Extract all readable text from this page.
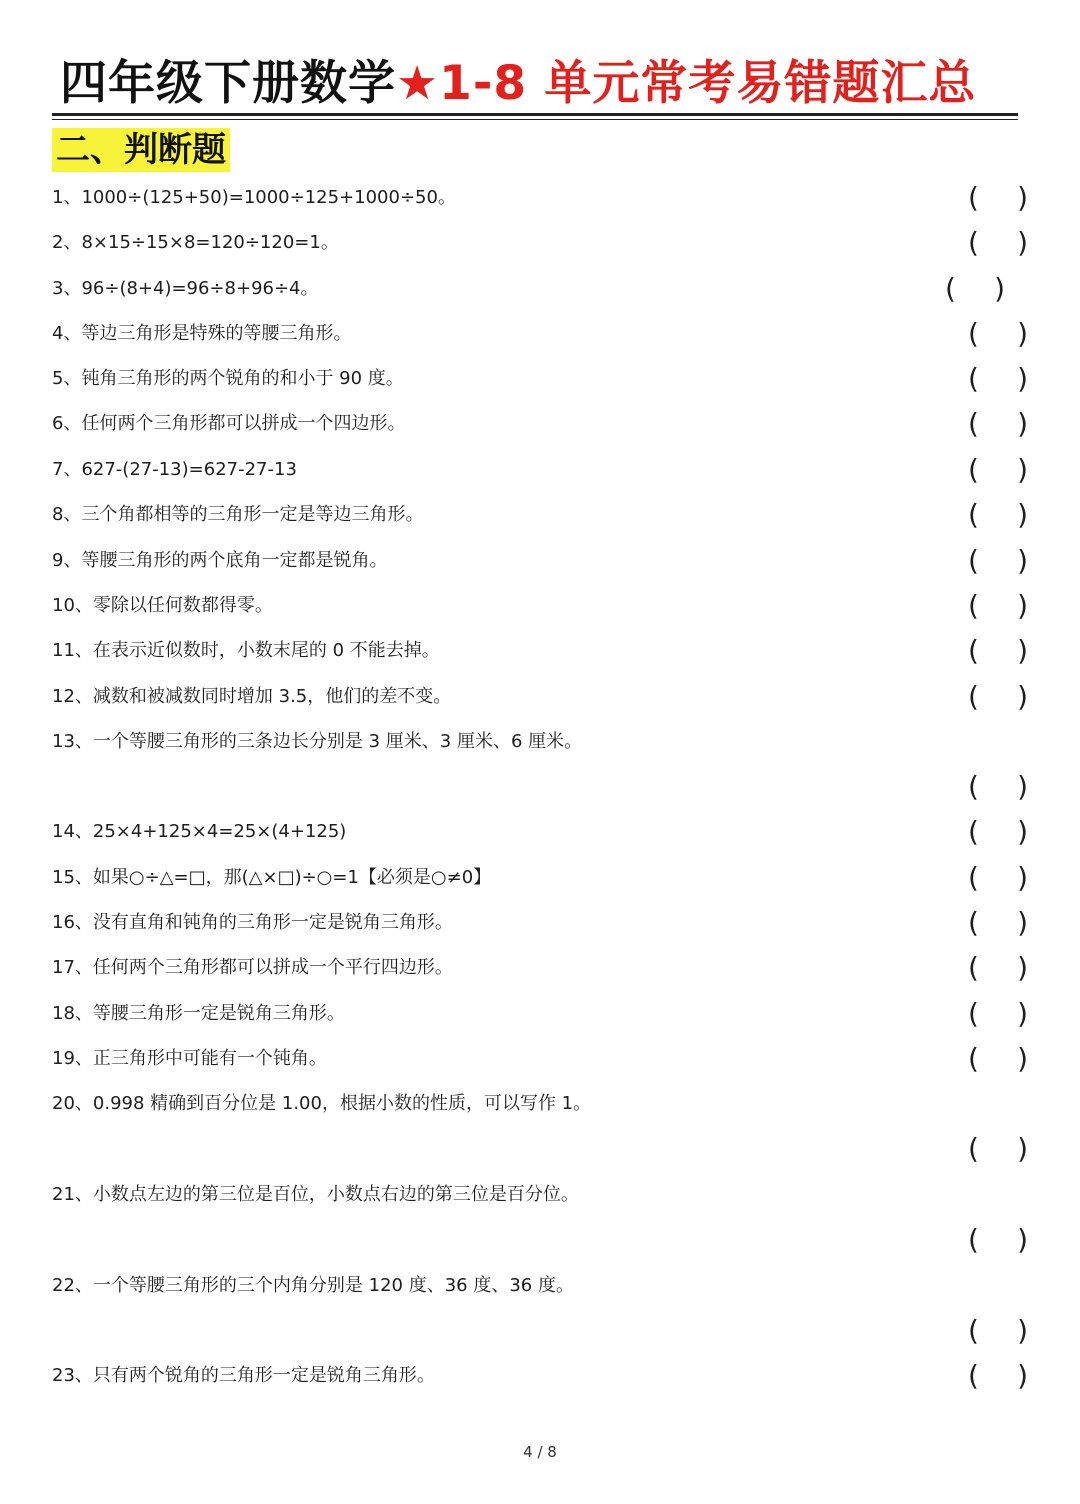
四年级下册数学★1-8 单元常考易错题汇总
二、判断题
1、1000÷(125+50)=1000÷125+1000÷50。	( )
2、8×15÷15×8=120÷120=1。	( )
3、96÷(8+4)=96÷8+96÷4。	( )
4、等边三角形是特殊的等腰三角形。	( )
5、钝角三角形的两个锐角的和小于 90 度。	( )
6、任何两个三角形都可以拼成一个四边形。	( )
7、627-(27-13)=627-27-13	( )
8、三个角都相等的三角形一定是等边三角形。	( )
9、等腰三角形的两个底角一定都是锐角。	( )
10、零除以任何数都得零。	( )
11、在表示近似数时，小数末尾的 0 不能去掉。	( )
12、减数和被减数同时增加 3.5，他们的差不变。	( )
13、一个等腰三角形的三条边长分别是 3 厘米、3 厘米、6 厘米。
( )
14、25×4+125×4=25×(4+125)	( )
15、如果○÷△=□，那(△×□)÷○=1【必须是○≠0】	( )
16、没有直角和钝角的三角形一定是锐角三角形。	( )
17、任何两个三角形都可以拼成一个平行四边形。	( )
18、等腰三角形一定是锐角三角形。	( )
19、正三角形中可能有一个钝角。	( )
20、0.998 精确到百分位是 1.00，根据小数的性质，可以写作 1。
( )
21、小数点左边的第三位是百位，小数点右边的第三位是百分位。
( )
22、一个等腰三角形的三个内角分别是 120 度、36 度、36 度。
( )
23、只有两个锐角的三角形一定是锐角三角形。	( )
4 / 8
